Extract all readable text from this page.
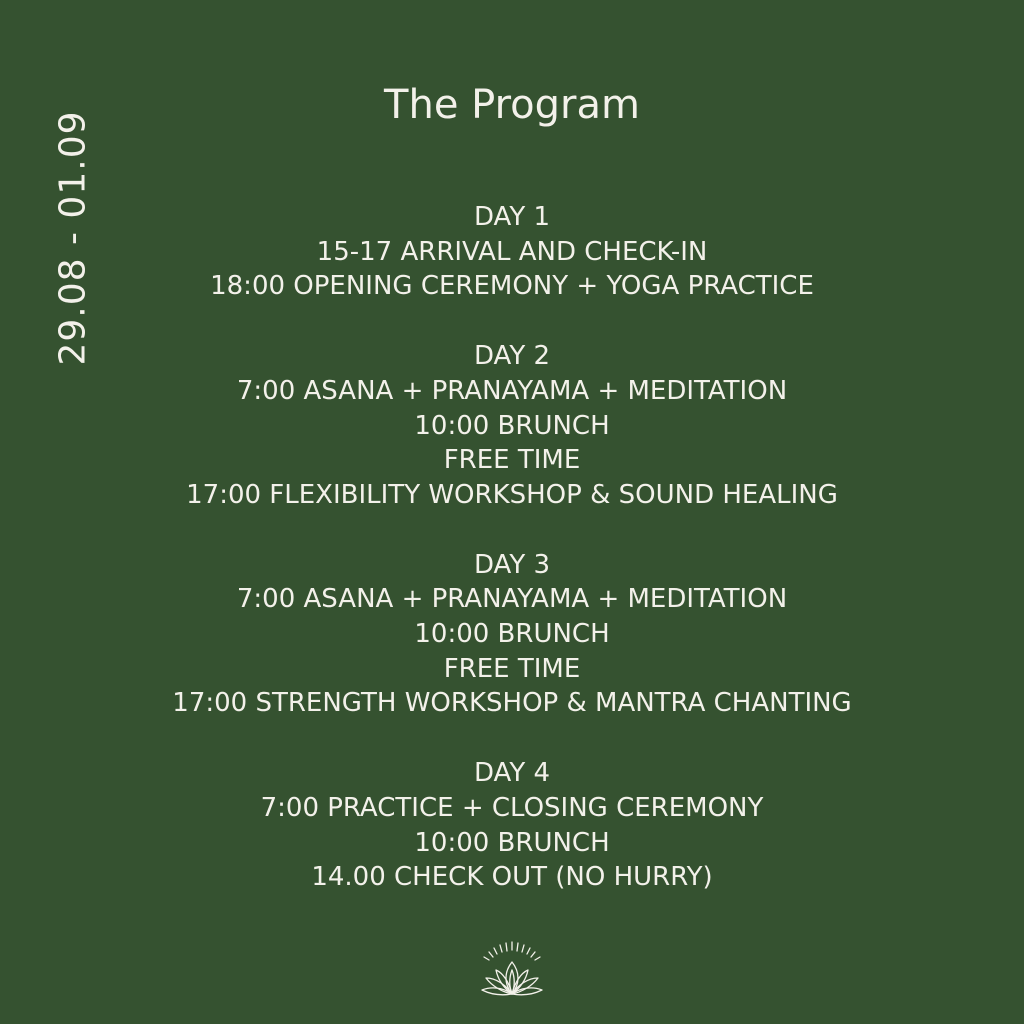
29.08 - 01.09
The Program
DAY 1
15-17 ARRIVAL AND CHECK-IN
18:00 OPENING CEREMONY + YOGA PRACTICE
DAY 2
7:00 ASANA + PRANAYAMA + MEDITATION
10:00 BRUNCH
FREE TIME
17:00 FLEXIBILITY WORKSHOP & SOUND HEALING
DAY 3
7:00 ASANA + PRANAYAMA + MEDITATION
10:00 BRUNCH
FREE TIME
17:00 STRENGTH WORKSHOP & MANTRA CHANTING
DAY 4
7:00 PRACTICE + CLOSING CEREMONY
10:00 BRUNCH
14.00 CHECK OUT (NO HURRY)
